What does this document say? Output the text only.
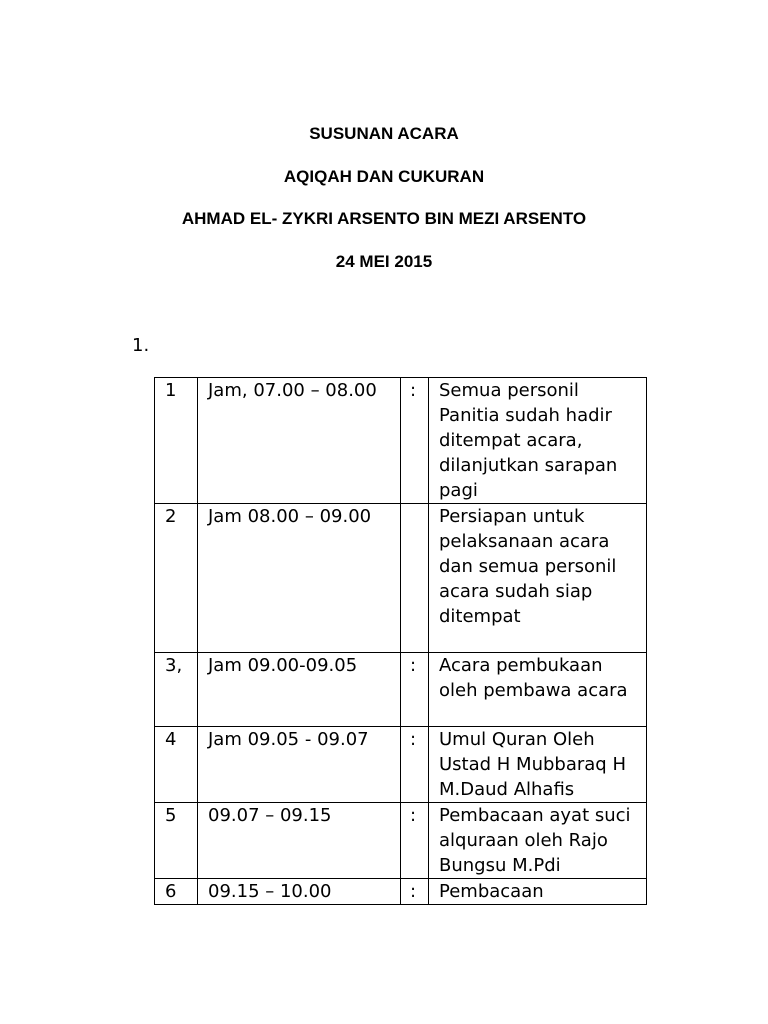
SUSUNAN ACARA
AQIQAH DAN CUKURAN
AHMAD EL- ZYKRI ARSENTO BIN MEZI ARSENTO
24 MEI 2015
1.
1	Jam, 07.00 – 08.00	:	Semua personil Panitia sudah hadir ditempat acara, dilanjutkan sarapan pagi
2	Jam 08.00 – 09.00		Persiapan untuk pelaksanaan acara dan semua personil acara sudah siap ditempat
3,	Jam 09.00-09.05	:	Acara pembukaan oleh pembawa acara
4	Jam 09.05 - 09.07	:	Umul Quran Oleh Ustad H Mubbaraq H M.Daud Alhafis
5	09.07 – 09.15	:	Pembacaan ayat suci alquraan oleh Rajo Bungsu M.Pdi
6	09.15 – 10.00	:	Pembacaan
